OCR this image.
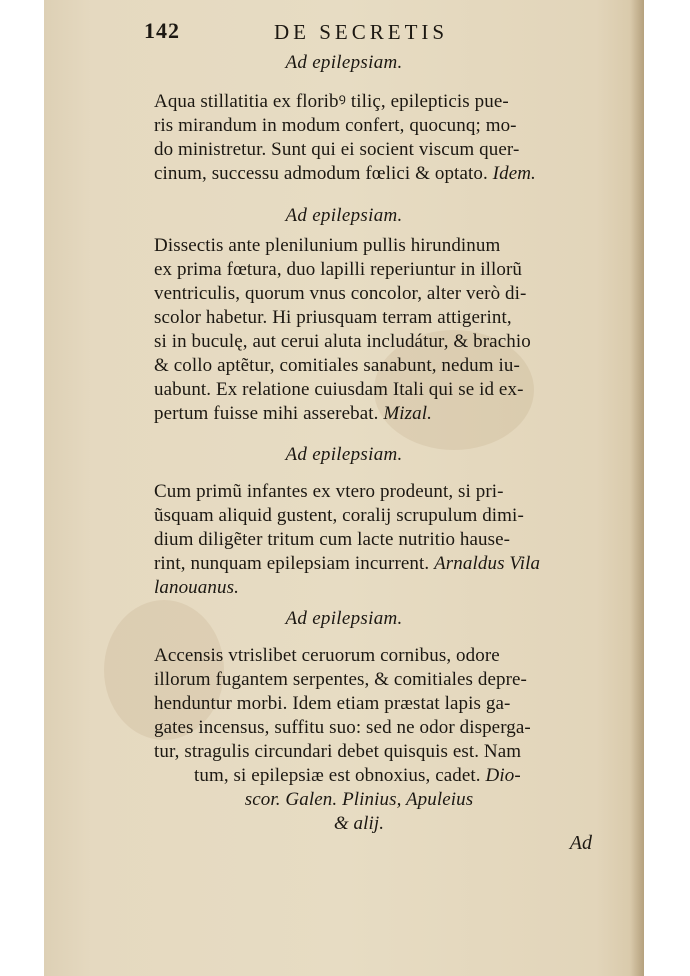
142	DE SECRETIS
Ad epilepsiam.
Aqua stillatitia ex floribꝰ tiliç, epilepticis pue-
ris mirandum in modum confert, quocunq; mo-
do ministretur. Sunt qui ei socient viscum quer-
cinum, successu admodum fœlici & optato. Idem.
Ad epilepsiam.
Dissectis ante plenilunium pullis hirundinum
ex prima fœtura, duo lapilli reperiuntur in illorũ
ventriculis, quorum vnus concolor, alter verò di-
scolor habetur. Hi priusquam terram attigerint,
si in buculę, aut cerui aluta includátur, & brachio
& collo aptẽtur, comitiales sanabunt, nedum iu-
uabunt. Ex relatione cuiusdam Itali qui se id ex-
pertum fuisse mihi asserebat. Mizal.
Ad epilepsiam.
Cum primũ infantes ex vtero prodeunt, si pri-
ũsquam aliquid gustent, coralij scrupulum dimi-
dium diligẽter tritum cum lacte nutritio hause-
rint, nunquam epilepsiam incurrent. Arnaldus Vila
lanouanus.
Ad epilepsiam.
Accensis vtrislibet ceruorum cornibus, odore
illorum fugantem serpentes, & comitiales depre-
henduntur morbi. Idem etiam præstat lapis ga-
gates incensus, suffitu suo: sed ne odor disperga-
tur, stragulis circundari debet quisquis est. Nam
tum, si epilepsiæ est obnoxius, cadet. Dio-
scor. Galen. Plinius, Apuleius
& alij.
Ad
